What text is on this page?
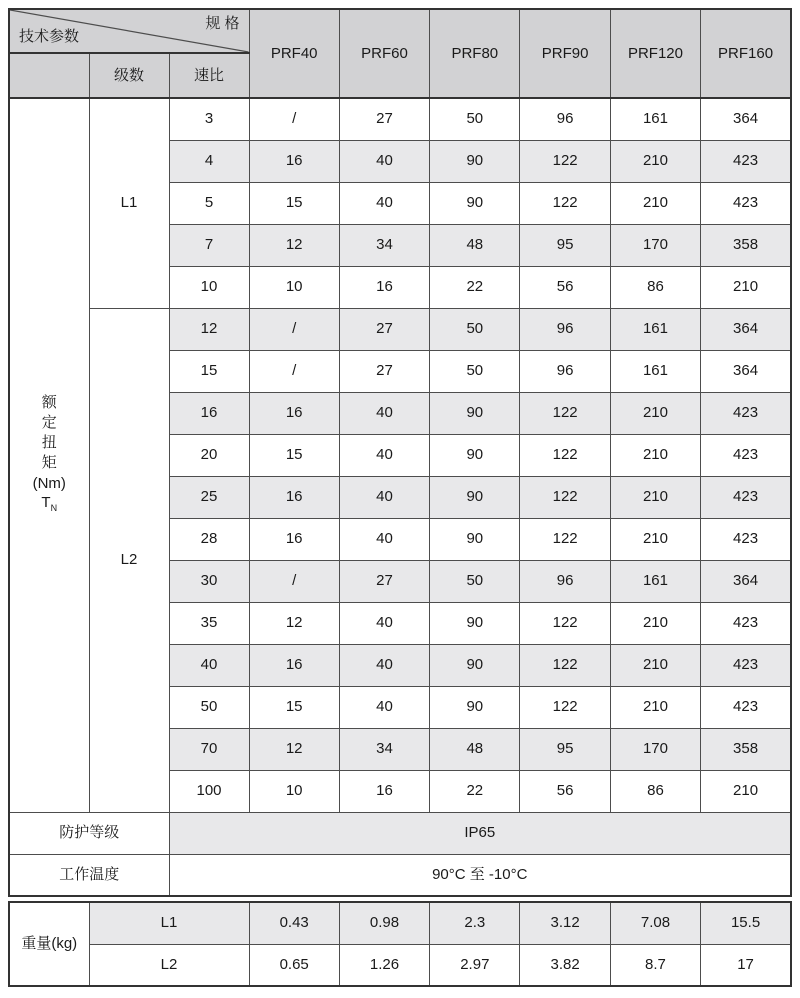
规 格
技术参数			PRF40	PRF60	PRF80	PRF90	PRF120	PRF160
	级数	速比						

额
定
扭
矩
(Nm)
$T_N$
	L1	3	/	27	50	96	161	364
		4	16	40	90	122	210	423
		5	15	40	90	122	210	423
		7	12	34	48	95	170	358
		10	10	16	22	56	86	210
	L2	12	/	27	50	96	161	364
		15	/	27	50	96	161	364
		16	16	40	90	122	210	423
		20	15	40	90	122	210	423
		25	16	40	90	122	210	423
		28	16	40	90	122	210	423
		30	/	27	50	96	161	364
		35	12	40	90	122	210	423
		40	16	40	90	122	210	423
		50	15	40	90	122	210	423
		70	12	34	48	95	170	358
		100	10	16	22	56	86	210
防护等级		IP65						
工作温度		90°C 至 -10°C						
重量(kg)	L1	0.43	0.98	2.3	3.12	7.08	15.5
	L2	0.65	1.26	2.97	3.82	8.7	17
